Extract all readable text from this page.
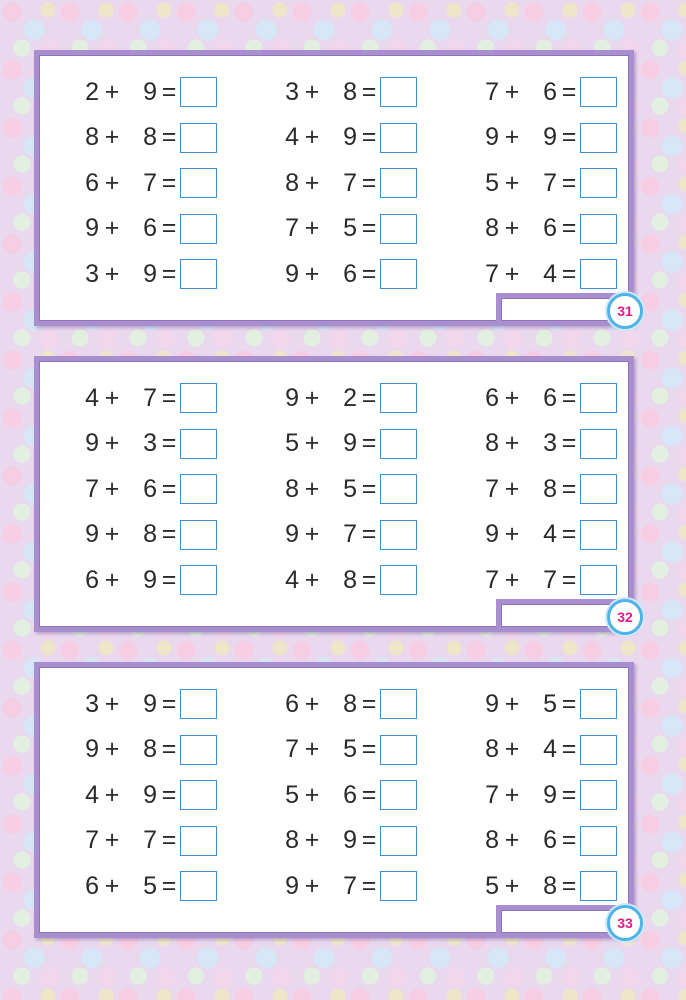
2 + 9 =	3 + 8 =	7 + 6 =
8 + 8 =	4 + 9 =	9 + 9 =
6 + 7 =	8 + 7 =	5 + 7 =
9 + 6 =	7 + 5 =	8 + 6 =
3 + 9 =	9 + 6 =	7 + 4 =
31
4 + 7 =	9 + 2 =	6 + 6 =
9 + 3 =	5 + 9 =	8 + 3 =
7 + 6 =	8 + 5 =	7 + 8 =
9 + 8 =	9 + 7 =	9 + 4 =
6 + 9 =	4 + 8 =	7 + 7 =
32
3 + 9 =	6 + 8 =	9 + 5 =
9 + 8 =	7 + 5 =	8 + 4 =
4 + 9 =	5 + 6 =	7 + 9 =
7 + 7 =	8 + 9 =	8 + 6 =
6 + 5 =	9 + 7 =	5 + 8 =
33
